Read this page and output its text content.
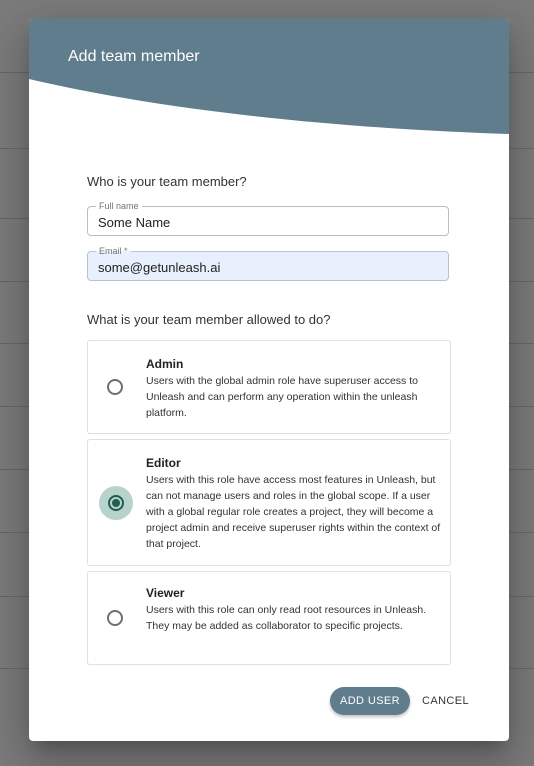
Add team member

Who is your team member?

Full name
Some Name
Email *
some@getunleash.ai

What is your team member allowed to do?

Admin

Users with the global admin role have superuser access to Unleash and can perform any operation within the unleash platform.

Editor

Users with this role have access most features in Unleash, but can not manage users and roles in the global scope. If a user with a global regular role creates a project, they will become a project admin and receive superuser rights within the context of that project.

Viewer

Users with this role can only read root resources in Unleash. They may be added as collaborator to specific projects.

ADD USER	CANCEL
